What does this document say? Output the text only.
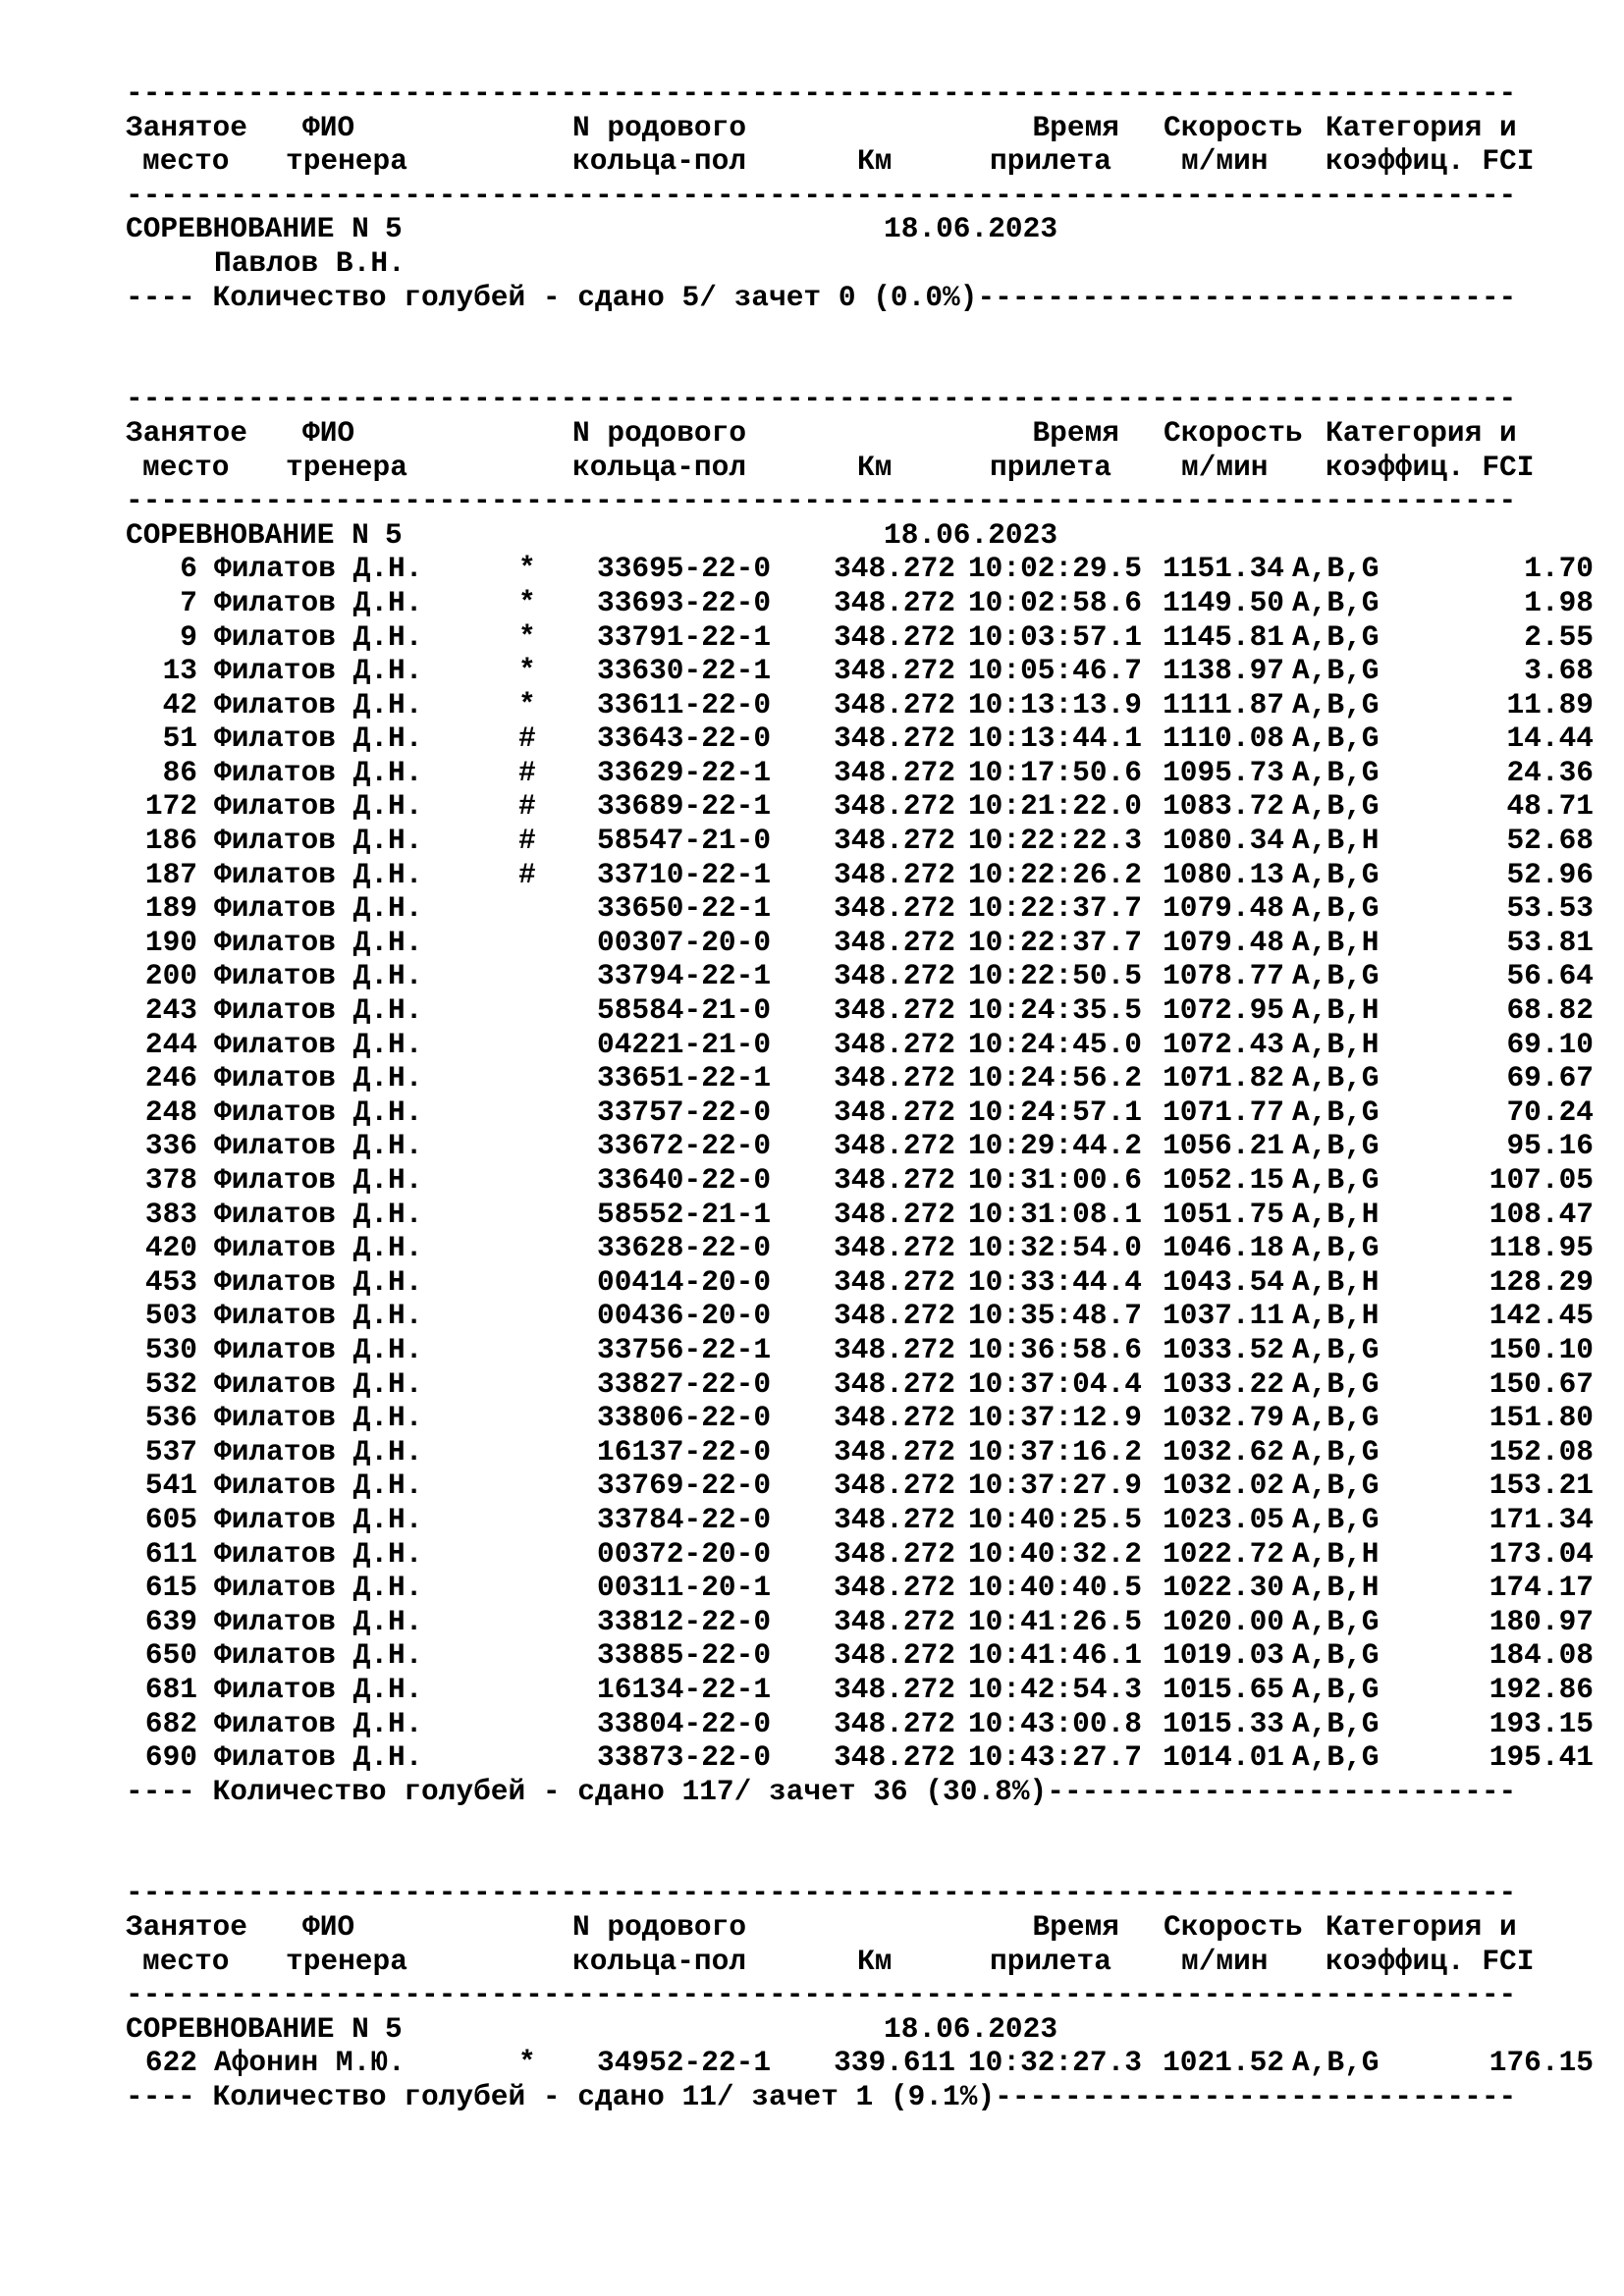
--------------------------------------------------------------------------------
Занятое ФИО	N родового	Время Скорость Категория и
место тренера	кольца-пол	Км	прилета м/мин коэффиц. FCI
--------------------------------------------------------------------------------
СОРЕВНОВАНИЕ N 5	18.06.2023
Павлов В.Н.
---- Количество голубей - сдано 5/ зачет 0 (0.0%)-------------------------------
--------------------------------------------------------------------------------
Занятое ФИО	N родового	Время Скорость Категория и
место тренера	кольца-пол	Км	прилета м/мин коэффиц. FCI
--------------------------------------------------------------------------------
СОРЕВНОВАНИЕ N 5	18.06.2023
6 Филатов Д.Н.	* 33695-22-0 348.272 10:02:29.5 1151.34 A,B,G	1.70
7 Филатов Д.Н.	* 33693-22-0 348.272 10:02:58.6 1149.50 A,B,G	1.98
9 Филатов Д.Н.	* 33791-22-1 348.272 10:03:57.1 1145.81 A,B,G	2.55
13 Филатов Д.Н.	* 33630-22-1 348.272 10:05:46.7 1138.97 A,B,G	3.68
42 Филатов Д.Н.	* 33611-22-0 348.272 10:13:13.9 1111.87 A,B,G	11.89
51 Филатов Д.Н.	# 33643-22-0 348.272 10:13:44.1 1110.08 A,B,G	14.44
86 Филатов Д.Н.	# 33629-22-1 348.272 10:17:50.6 1095.73 A,B,G	24.36
172 Филатов Д.Н.	# 33689-22-1 348.272 10:21:22.0 1083.72 A,B,G	48.71
186 Филатов Д.Н.	# 58547-21-0 348.272 10:22:22.3 1080.34 A,B,H	52.68
187 Филатов Д.Н.	# 33710-22-1 348.272 10:22:26.2 1080.13 A,B,G	52.96
189 Филатов Д.Н.	33650-22-1 348.272 10:22:37.7 1079.48 A,B,G	53.53
190 Филатов Д.Н.	00307-20-0 348.272 10:22:37.7 1079.48 A,B,H	53.81
200 Филатов Д.Н.	33794-22-1 348.272 10:22:50.5 1078.77 A,B,G	56.64
243 Филатов Д.Н.	58584-21-0 348.272 10:24:35.5 1072.95 A,B,H	68.82
244 Филатов Д.Н.	04221-21-0 348.272 10:24:45.0 1072.43 A,B,H	69.10
246 Филатов Д.Н.	33651-22-1 348.272 10:24:56.2 1071.82 A,B,G	69.67
248 Филатов Д.Н.	33757-22-0 348.272 10:24:57.1 1071.77 A,B,G	70.24
336 Филатов Д.Н.	33672-22-0 348.272 10:29:44.2 1056.21 A,B,G	95.16
378 Филатов Д.Н.	33640-22-0 348.272 10:31:00.6 1052.15 A,B,G	107.05
383 Филатов Д.Н.	58552-21-1 348.272 10:31:08.1 1051.75 A,B,H	108.47
420 Филатов Д.Н.	33628-22-0 348.272 10:32:54.0 1046.18 A,B,G	118.95
453 Филатов Д.Н.	00414-20-0 348.272 10:33:44.4 1043.54 A,B,H	128.29
503 Филатов Д.Н.	00436-20-0 348.272 10:35:48.7 1037.11 A,B,H	142.45
530 Филатов Д.Н.	33756-22-1 348.272 10:36:58.6 1033.52 A,B,G	150.10
532 Филатов Д.Н.	33827-22-0 348.272 10:37:04.4 1033.22 A,B,G	150.67
536 Филатов Д.Н.	33806-22-0 348.272 10:37:12.9 1032.79 A,B,G	151.80
537 Филатов Д.Н.	16137-22-0 348.272 10:37:16.2 1032.62 A,B,G	152.08
541 Филатов Д.Н.	33769-22-0 348.272 10:37:27.9 1032.02 A,B,G	153.21
605 Филатов Д.Н.	33784-22-0 348.272 10:40:25.5 1023.05 A,B,G	171.34
611 Филатов Д.Н.	00372-20-0 348.272 10:40:32.2 1022.72 A,B,H	173.04
615 Филатов Д.Н.	00311-20-1 348.272 10:40:40.5 1022.30 A,B,H	174.17
639 Филатов Д.Н.	33812-22-0 348.272 10:41:26.5 1020.00 A,B,G	180.97
650 Филатов Д.Н.	33885-22-0 348.272 10:41:46.1 1019.03 A,B,G	184.08
681 Филатов Д.Н.	16134-22-1 348.272 10:42:54.3 1015.65 A,B,G	192.86
682 Филатов Д.Н.	33804-22-0 348.272 10:43:00.8 1015.33 A,B,G	193.15
690 Филатов Д.Н.	33873-22-0 348.272 10:43:27.7 1014.01 A,B,G	195.41
---- Количество голубей - сдано 117/ зачет 36 (30.8%)---------------------------
--------------------------------------------------------------------------------
Занятое ФИО	N родового	Время Скорость Категория и
место тренера	кольца-пол	Км	прилета м/мин коэффиц. FCI
--------------------------------------------------------------------------------
СОРЕВНОВАНИЕ N 5	18.06.2023
622 Афонин М.Ю.	* 34952-22-1 339.611 10:32:27.3 1021.52 A,B,G	176.15
---- Количество голубей - сдано 11/ зачет 1 (9.1%)------------------------------
